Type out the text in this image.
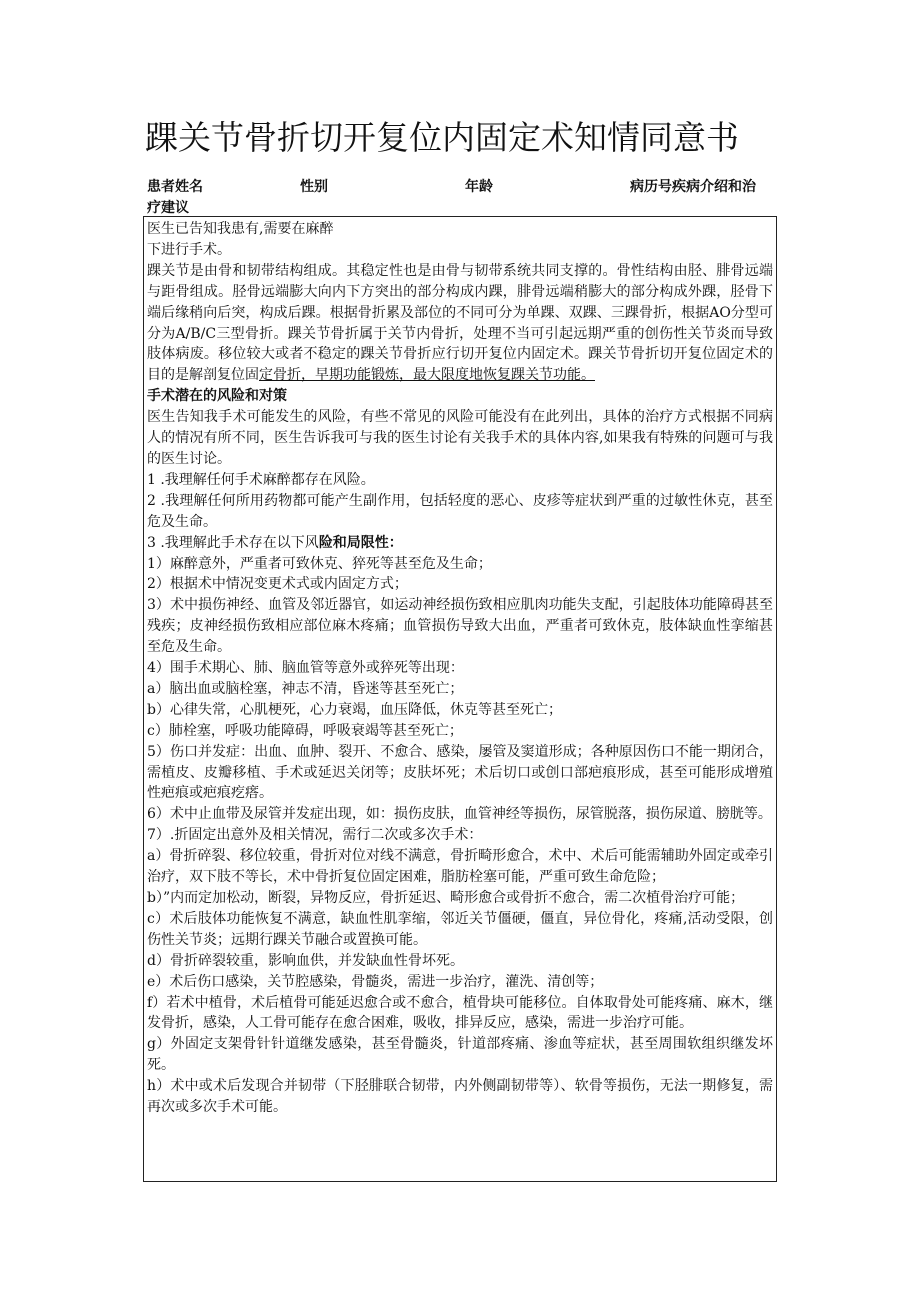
踝关节骨折切开复位内固定术知情同意书
患者姓名	性别	年龄	病历号疾病介绍和治
疗建议

医生已告知我患有,需要在麻醉

下进行手术。

踝关节是由骨和韧带结构组成。其稳定性也是由骨与韧带系统共同支撑的。骨性结构由胫、腓骨远端与距骨组成。胫骨远端膨大向内下方突出的部分构成内踝，腓骨远端稍膨大的部分构成外踝，胫骨下端后缘稍向后突，构成后踝。根据骨折累及部位的不同可分为单踝、双踝、三踝骨折，根据AO分型可分为A/B/C三型骨折。踝关节骨折属于关节内骨折，处理不当可引起远期严重的创伤性关节炎而导致肢体病废。移位较大或者不稳定的踝关节骨折应行切开复位内固定术。踝关节骨折切开复位固定术的目的是解剖复位固定骨折，早期功能锻炼，最大限度地恢复踝关节功能。

手术潜在的风险和对策

医生告知我手术可能发生的风险，有些不常见的风险可能没有在此列出，具体的治疗方式根据不同病人的情况有所不同，医生告诉我可与我的医生讨论有关我手术的具体内容,如果我有特殊的问题可与我的医生讨论。

1 .我理解任何手术麻醉都存在风险。

2 .我理解任何所用药物都可能产生副作用，包括轻度的恶心、皮疹等症状到严重的过敏性休克，甚至危及生命。

3 .我理解此手术存在以下风险和局限性：

1）麻醉意外，严重者可致休克、猝死等甚至危及生命；

2）根据术中情况变更术式或内固定方式；

3）术中损伤神经、血管及邻近器官，如运动神经损伤致相应肌肉功能失支配，引起肢体功能障碍甚至残疾；皮神经损伤致相应部位麻木疼痛；血管损伤导致大出血，严重者可致休克，肢体缺血性挛缩甚至危及生命。

4）围手术期心、肺、脑血管等意外或猝死等出现：

a）脑出血或脑栓塞，神志不清，昏迷等甚至死亡；

b）心律失常，心肌梗死，心力衰竭，血压降低，休克等甚至死亡；

c）肺栓塞，呼吸功能障碍，呼吸衰竭等甚至死亡；

5）伤口并发症：出血、血肿、裂开、不愈合、感染，屡管及窦道形成；各种原因伤口不能一期闭合，需植皮、皮瓣移植、手术或延迟关闭等；皮肤坏死；术后切口或创口部疤痕形成，甚至可能形成增殖性疤痕或疤痕疙瘩。

6）术中止血带及尿管并发症出现，如：损伤皮肤，血管神经等损伤，尿管脱落，损伤尿道、膀胱等。

7）.折固定出意外及相关情况，需行二次或多次手术：

a）骨折碎裂、移位较重，骨折对位对线不满意，骨折畸形愈合，术中、术后可能需辅助外固定或牵引治疗，双下肢不等长，术中骨折复位固定困难，脂肪栓塞可能，严重可致生命危险；

b）”内而定加松动，断裂，异物反应，骨折延迟、畸形愈合或骨折不愈合，需二次植骨治疗可能；

c）术后肢体功能恢复不满意，缺血性肌挛缩，邻近关节僵硬，僵直，异位骨化，疼痛,活动受限，创伤性关节炎；远期行踝关节融合或置换可能。

d）骨折碎裂较重，影响血供，并发缺血性骨坏死。

e）术后伤口感染，关节腔感染，骨髓炎，需进一步治疗，灌洗、清创等；

f）若术中植骨，术后植骨可能延迟愈合或不愈合，植骨块可能移位。自体取骨处可能疼痛、麻木，继发骨折，感染，人工骨可能存在愈合困难，吸收，排异反应，感染，需进一步治疗可能。

g）外固定支架骨针针道继发感染，甚至骨髓炎，针道部疼痛、渗血等症状，甚至周围软组织继发坏死。

h）术中或术后发现合并韧带（下胫腓联合韧带，内外侧副韧带等）、软骨等损伤，无法一期修复，需再次或多次手术可能。
